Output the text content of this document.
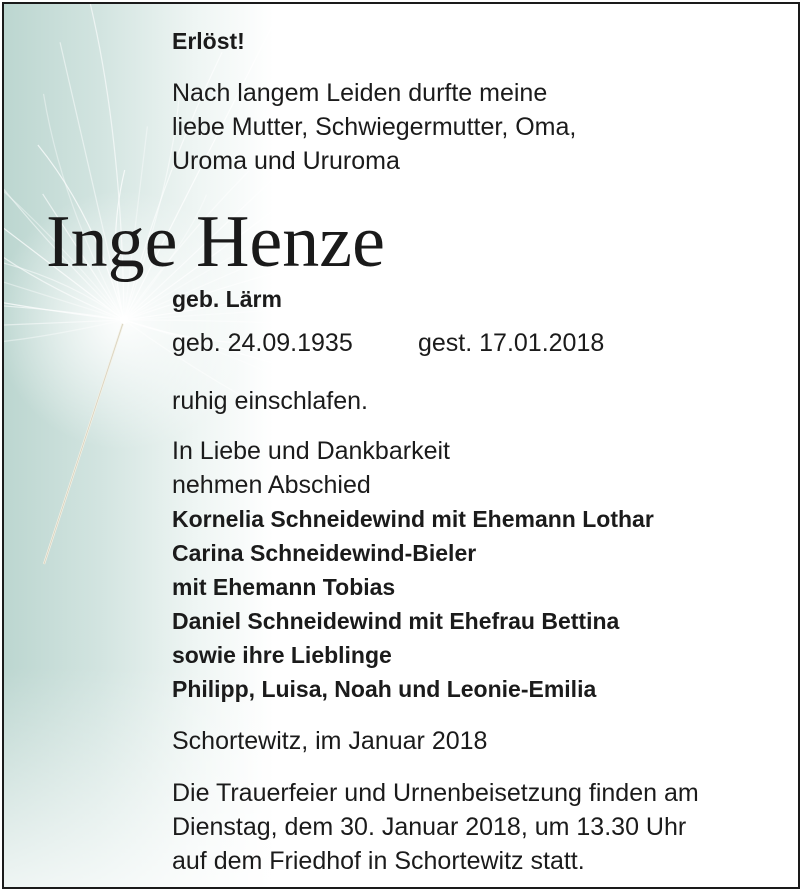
Erlöst!
Nach langem Leiden durfte meine
liebe Mutter, Schwiegermutter, Oma,
Uroma und Ururoma
Inge Henze
geb. Lärm
geb. 24.09.1935	gest. 17.01.2018
ruhig einschlafen.
In Liebe und Dankbarkeit
nehmen Abschied
Kornelia Schneidewind mit Ehemann Lothar
Carina Schneidewind-Bieler
mit Ehemann Tobias
Daniel Schneidewind mit Ehefrau Bettina
sowie ihre Lieblinge
Philipp, Luisa, Noah und Leonie-Emilia
Schortewitz, im Januar 2018
Die Trauerfeier und Urnenbeisetzung finden am
Dienstag, dem 30. Januar 2018, um 13.30 Uhr
auf dem Friedhof in Schortewitz statt.
